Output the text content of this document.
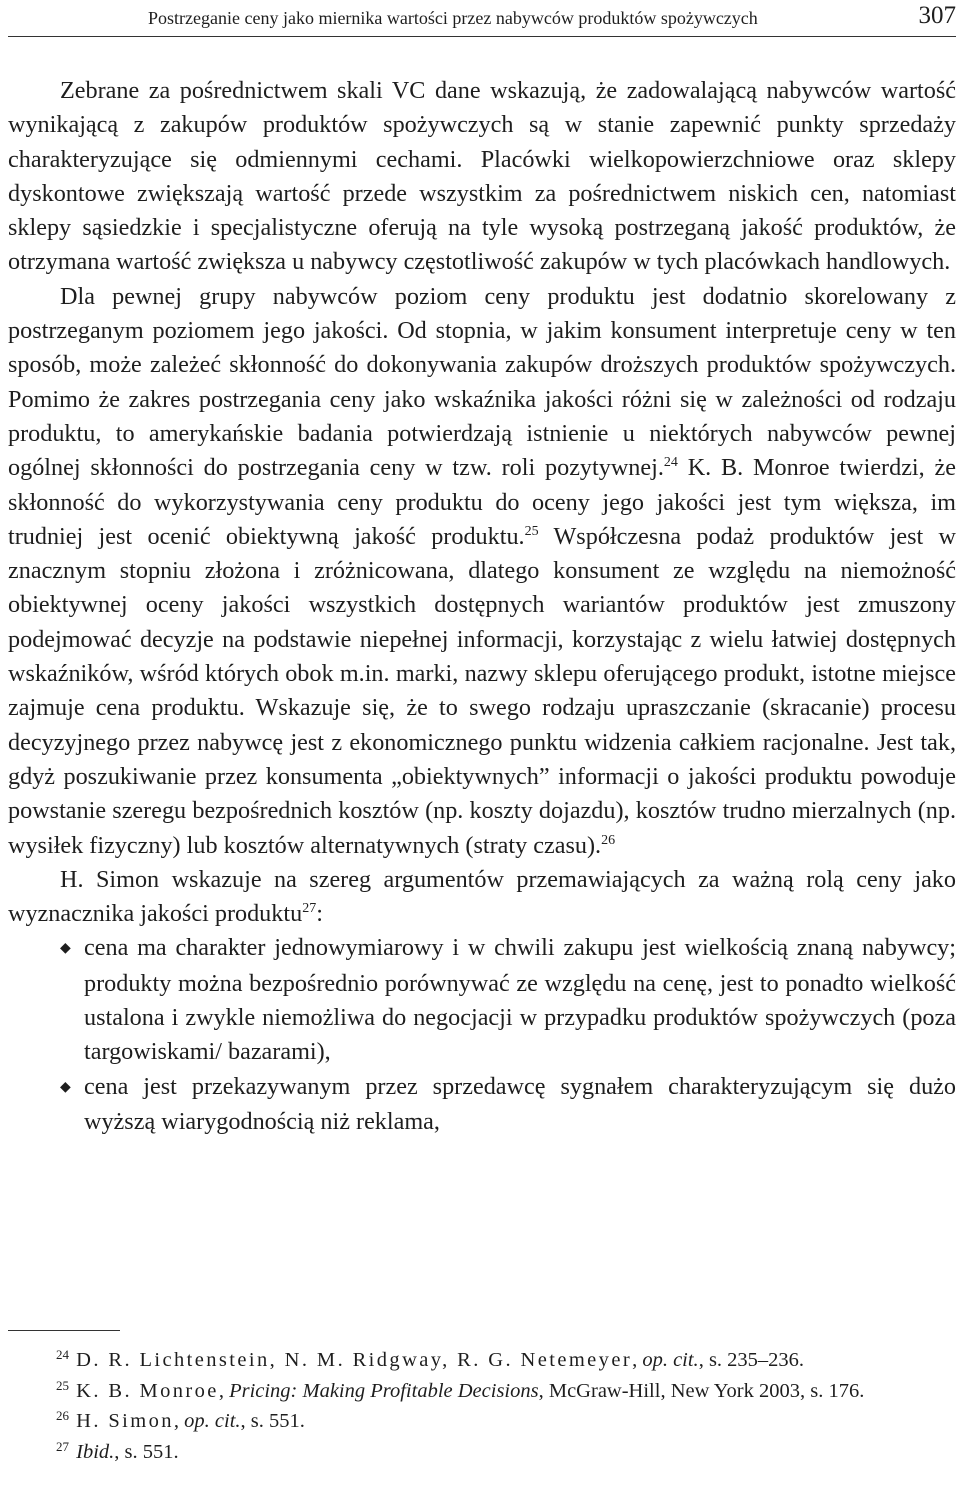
Postrzeganie ceny jako miernika wartości przez nabywców produktów spożywczych	307

Zebrane za pośrednictwem skali VC dane wskazują, że zadowalającą nabywców wartość wynikającą z zakupów produktów spożywczych są w stanie zapewnić punkty sprzedaży charakteryzujące się odmiennymi cechami. Placówki wielkopowierzchniowe oraz sklepy dyskontowe zwiększają wartość przede wszystkim za pośrednictwem niskich cen, natomiast sklepy sąsiedzkie i specjalistyczne oferują na tyle wysoką postrzeganą jakość produktów, że otrzymana wartość zwiększa u nabywcy częstotliwość zakupów w tych placówkach handlowych.

Dla pewnej grupy nabywców poziom ceny produktu jest dodatnio skorelowany z postrzeganym poziomem jego jakości. Od stopnia, w jakim konsument interpretuje ceny w ten sposób, może zależeć skłonność do dokonywania zakupów droższych produktów spożywczych. Pomimo że zakres postrzegania ceny jako wskaźnika jakości różni się w zależności od rodzaju produktu, to amerykańskie badania potwierdzają istnienie u niektórych nabywców pewnej ogólnej skłonności do postrzegania ceny w tzw. roli pozytywnej.$^{24}$ K. B. Monroe twierdzi, że skłonność do wykorzystywania ceny produktu do oceny jego jakości jest tym większa, im trudniej jest ocenić obiektywną jakość produktu.$^{25}$ Współczesna podaż produktów jest w znacznym stopniu złożona i zróżnicowana, dlatego konsument ze względu na niemożność obiektywnej oceny jakości wszystkich dostępnych wariantów produktów jest zmuszony podejmować decyzje na podstawie niepełnej informacji, korzystając z wielu łatwiej dostępnych wskaźników, wśród których obok m.in. marki, nazwy sklepu oferującego produkt, istotne miejsce zajmuje cena produktu. Wskazuje się, że to swego rodzaju upraszczanie (skracanie) procesu decyzyjnego przez nabywcę jest z ekonomicznego punktu widzenia całkiem racjonalne. Jest tak, gdyż poszukiwanie przez konsumenta „obiektywnych” informacji o jakości produktu powoduje powstanie szeregu bezpośrednich kosztów (np. koszty dojazdu), kosztów trudno mierzalnych (np. wysiłek fizyczny) lub kosztów alternatywnych (straty czasu).$^{26}$

H. Simon wskazuje na szereg argumentów przemawiających za ważną rolą ceny jako wyznacznika jakości produktu$^{27}$:

◆ cena ma charakter jednowymiarowy i w chwili zakupu jest wielkością znaną nabywcy; produkty można bezpośrednio porównywać ze względu na cenę, jest to ponadto wielkość ustalona i zwykle niemożliwa do negocjacji w przypadku produktów spożywczych (poza targowiskami/ bazarami),
◆ cena jest przekazywanym przez sprzedawcę sygnałem charakteryzującym się dużo wyższą wiarygodnością niż reklama,

$^{24}$ D. R. Lichtenstein, N. M. Ridgway, R. G. Netemeyer, op. cit., s. 235–236.

$^{25}$ K. B. Monroe, Pricing: Making Profitable Decisions, McGraw-Hill, New York 2003, s. 176.

$^{26}$ H. Simon, op. cit., s. 551.

$^{27}$ Ibid., s. 551.
